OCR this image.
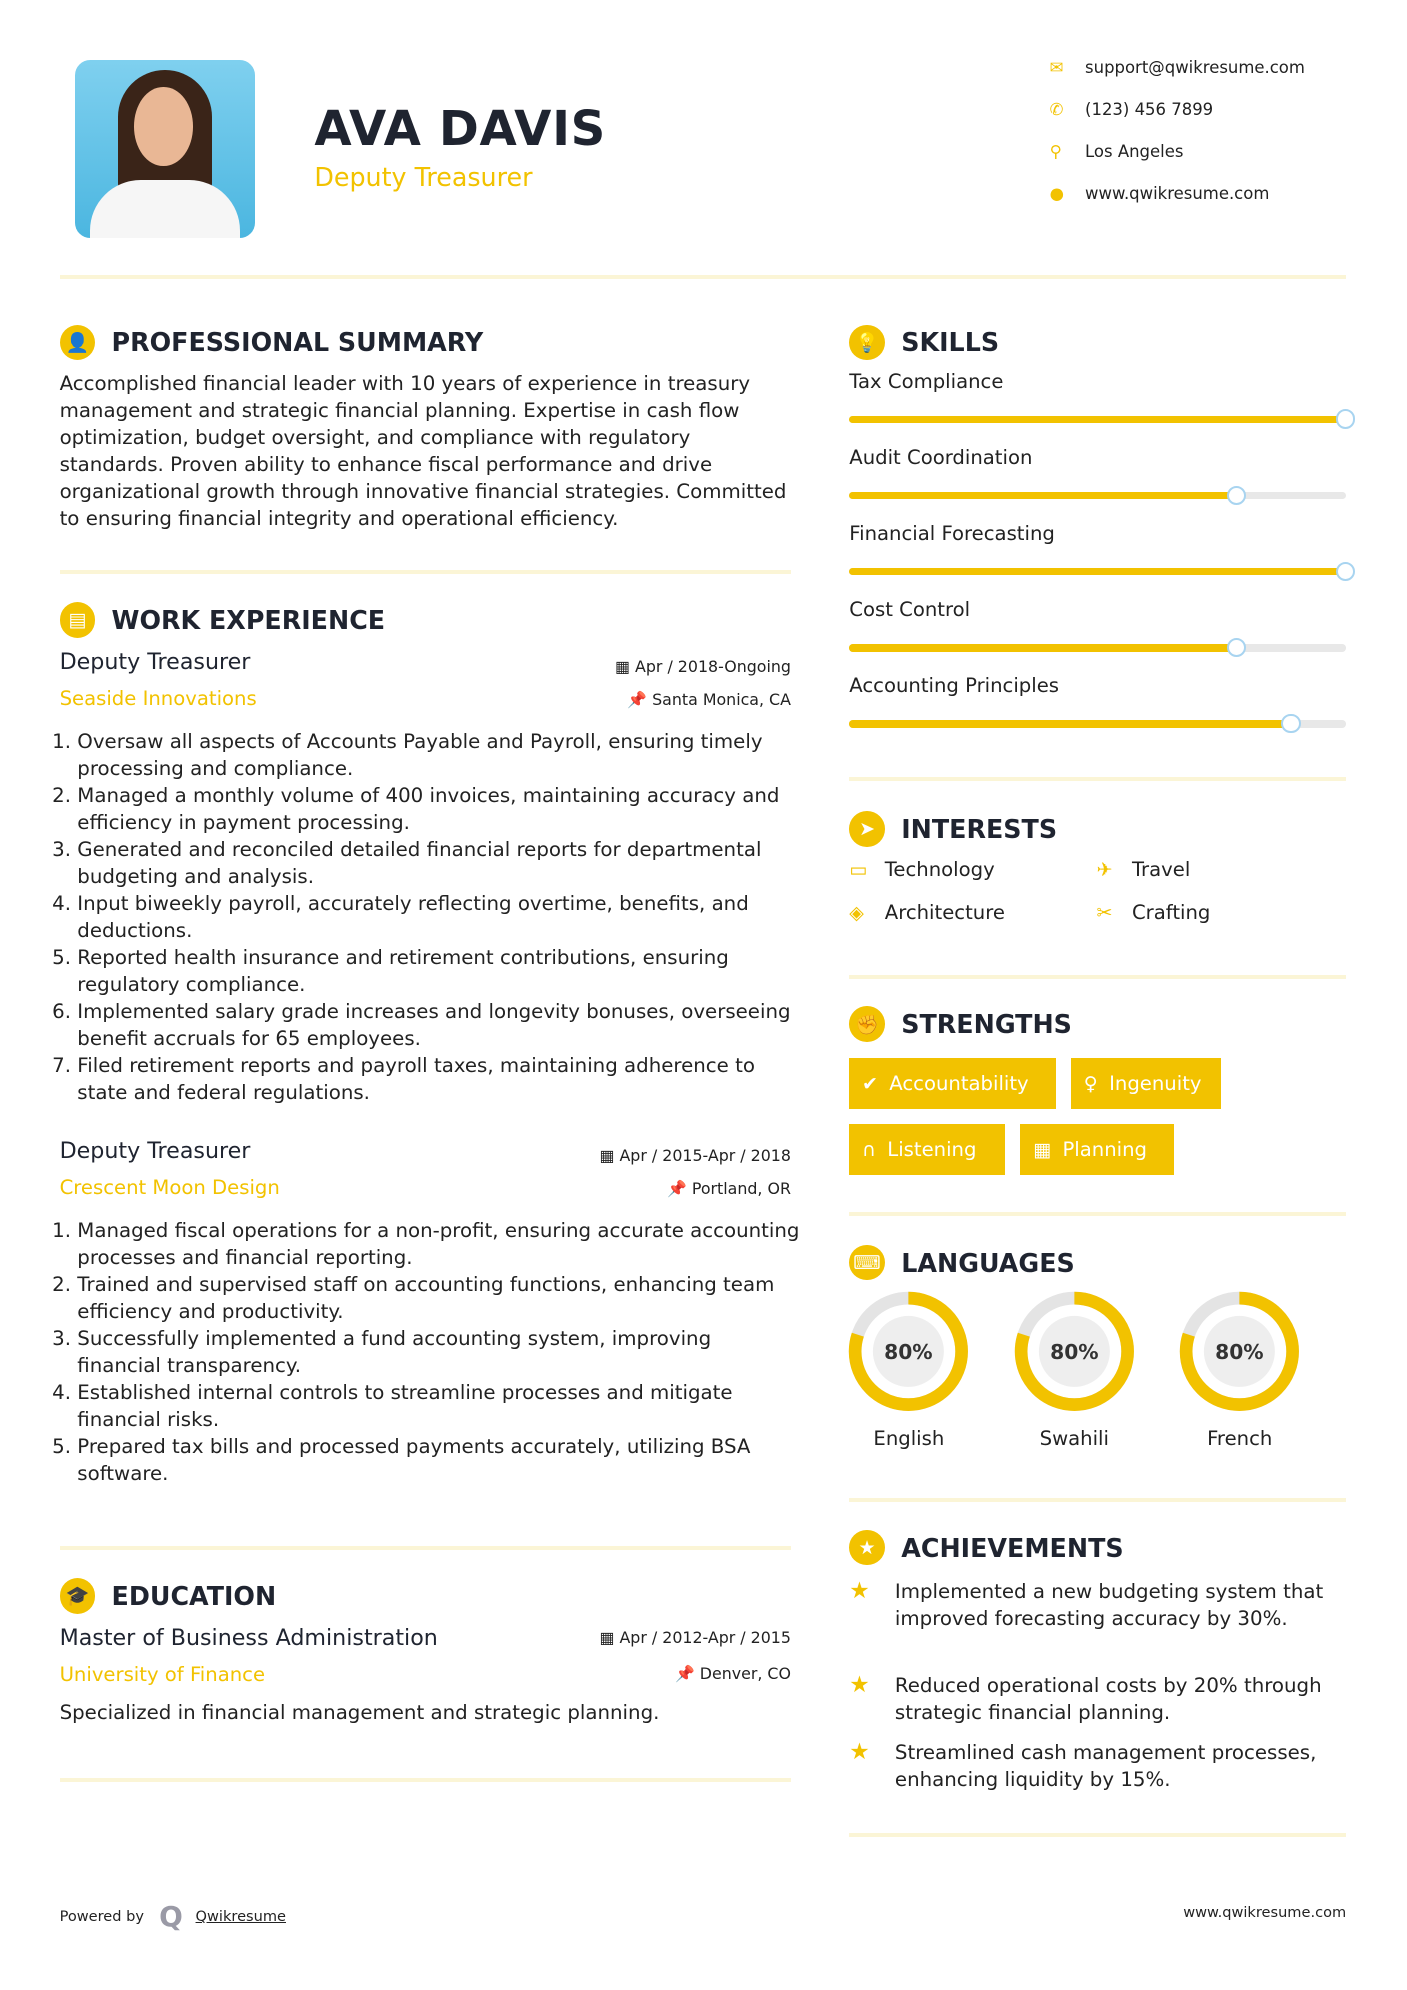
AVA DAVIS
Deputy Treasurer
✉	support@qwikresume.com
✆	(123) 456 7899
⚲	Los Angeles
●	www.qwikresume.com
👤 PROFESSIONAL SUMMARY
Accomplished financial leader with 10 years of experience in treasury management and strategic financial planning. Expertise in cash flow optimization, budget oversight, and compliance with regulatory standards. Proven ability to enhance fiscal performance and drive organizational growth through innovative financial strategies. Committed to ensuring financial integrity and operational efficiency.
▤	WORK EXPERIENCE
Deputy Treasurer	▦ Apr / 2018-Ongoing
Seaside Innovations	📌 Santa Monica, CA
1. Oversaw all aspects of Accounts Payable and Payroll, ensuring timely processing and compliance.
2. Managed a monthly volume of 400 invoices, maintaining accuracy and efficiency in payment processing.
3. Generated and reconciled detailed financial reports for departmental budgeting and analysis.
4. Input biweekly payroll, accurately reflecting overtime, benefits, and deductions.
5. Reported health insurance and retirement contributions, ensuring regulatory compliance.
6. Implemented salary grade increases and longevity bonuses, overseeing benefit accruals for 65 employees.
7. Filed retirement reports and payroll taxes, maintaining adherence to state and federal regulations.
Deputy Treasurer	▦ Apr / 2015-Apr / 2018
Crescent Moon Design	📌 Portland, OR
1. Managed fiscal operations for a non-profit, ensuring accurate accounting processes and financial reporting.
2. Trained and supervised staff on accounting functions, enhancing team efficiency and productivity.
3. Successfully implemented a fund accounting system, improving financial transparency.
4. Established internal controls to streamline processes and mitigate financial risks.
5. Prepared tax bills and processed payments accurately, utilizing BSA software.
🎓 EDUCATION
Master of Business Administration	▦ Apr / 2012-Apr / 2015
University of Finance	📌 Denver, CO
Specialized in financial management and strategic planning.
💡 SKILLS
Tax Compliance
Audit Coordination
Financial Forecasting
Cost Control
Accounting Principles
➤	INTERESTS
▭	Technology	✈	Travel
◈	Architecture	✂	Crafting
✊ STRENGTHS
✔ Accountability	♀ Ingenuity
∩ Listening	▦ Planning
⌨ LANGUAGES
80%
English
80%
Swahili
80%
French
★	ACHIEVEMENTS
★	Implemented a new budgeting system that improved forecasting accuracy by 30%.
★	Reduced operational costs by 20% through strategic financial planning.
★	Streamlined cash management processes, enhancing liquidity by 15%.
Powered by Q Qwikresume	www.qwikresume.com
